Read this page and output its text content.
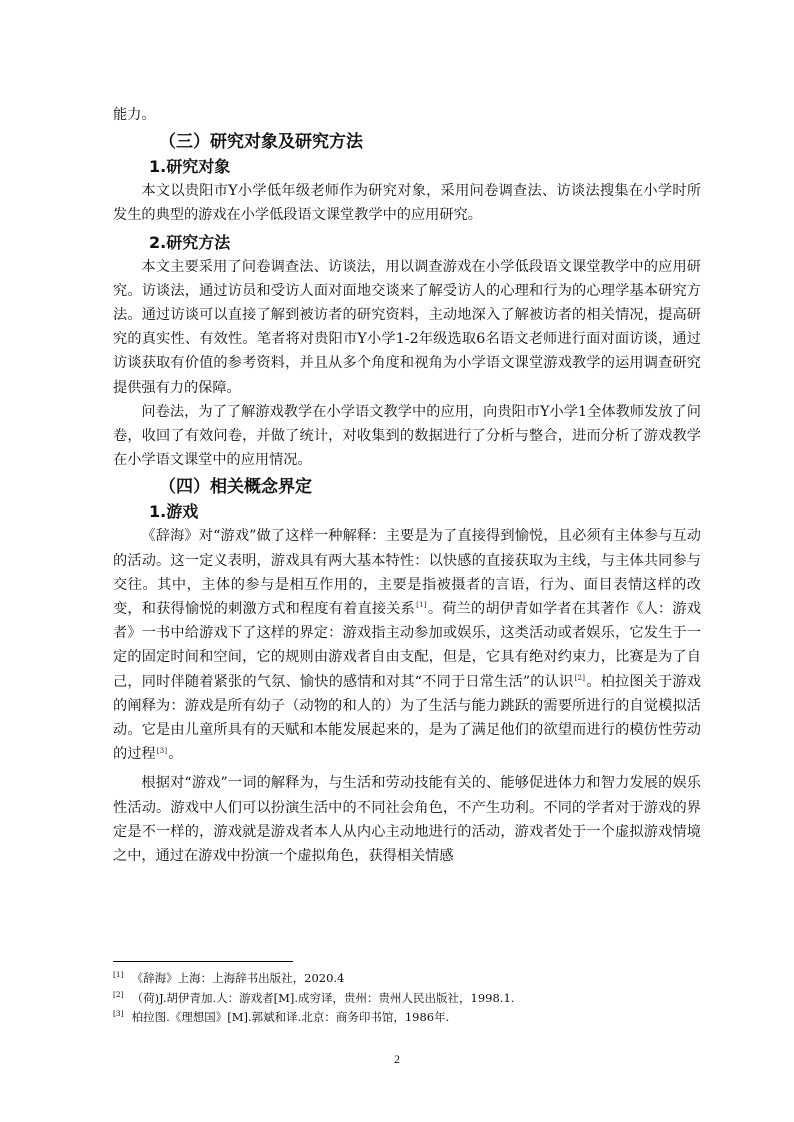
能力。

（三）研究对象及研究方法
1.研究对象

本文以贵阳市Y小学低年级老师作为研究对象，采用问卷调查法、访谈法搜集在小学时所发生的典型的游戏在小学低段语文课堂教学中的应用研究。

2.研究方法

本文主要采用了问卷调查法、访谈法，用以调查游戏在小学低段语文课堂教学中的应用研究。访谈法，通过访员和受访人面对面地交谈来了解受访人的心理和行为的心理学基本研究方法。通过访谈可以直接了解到被访者的研究资料，主动地深入了解被访者的相关情况，提高研究的真实性、有效性。笔者将对贵阳市Y小学1-2年级选取6名语文老师进行面对面访谈，通过访谈获取有价值的参考资料，并且从多个角度和视角为小学语文课堂游戏教学的运用调查研究提供强有力的保障。

问卷法，为了了解游戏教学在小学语文教学中的应用，向贵阳市Y小学1全体教师发放了问卷，收回了有效问卷，并做了统计，对收集到的数据进行了分析与整合，进而分析了游戏教学在小学语文课堂中的应用情况。

（四）相关概念界定
1.游戏

《辞海》对“游戏”做了这样一种解释：主要是为了直接得到愉悦，且必须有主体参与互动的活动。这一定义表明，游戏具有两大基本特性：以快感的直接获取为主线，与主体共同参与交往。其中，主体的参与是相互作用的，主要是指被摄者的言语，行为、面目表情这样的改变，和获得愉悦的刺激方式和程度有着直接关系[1]。荷兰的胡伊青如学者在其著作《人：游戏者》一书中给游戏下了这样的界定：游戏指主动参加或娱乐，这类活动或者娱乐，它发生于一定的固定时间和空间，它的规则由游戏者自由支配，但是，它具有绝对约束力，比赛是为了自己，同时伴随着紧张的气氛、愉快的感情和对其“不同于日常生活”的认识[2]。柏拉图关于游戏的阐释为：游戏是所有幼子（动物的和人的）为了生活与能力跳跃的需要所进行的自觉模拟活动。它是由儿童所具有的天赋和本能发展起来的，是为了满足他们的欲望而进行的模仿性劳动的过程[3]。

根据对“游戏”一词的解释为，与生活和劳动技能有关的、能够促进体力和智力发展的娱乐性活动。游戏中人们可以扮演生活中的不同社会角色，不产生功利。不同的学者对于游戏的界定是不一样的，游戏就是游戏者本人从内心主动地进行的活动，游戏者处于一个虚拟游戏情境之中，通过在游戏中扮演一个虚拟角色，获得相关情感

[1] 《辞海》上海：上海辞书出版社，2020.4

[2] （荷)J.胡伊青加.人：游戏者[M].成穷译，贵州：贵州人民出版社，1998.1.

[3] 柏拉图.《理想国》[M].郭斌和译.北京：商务印书馆，1986年.

2
